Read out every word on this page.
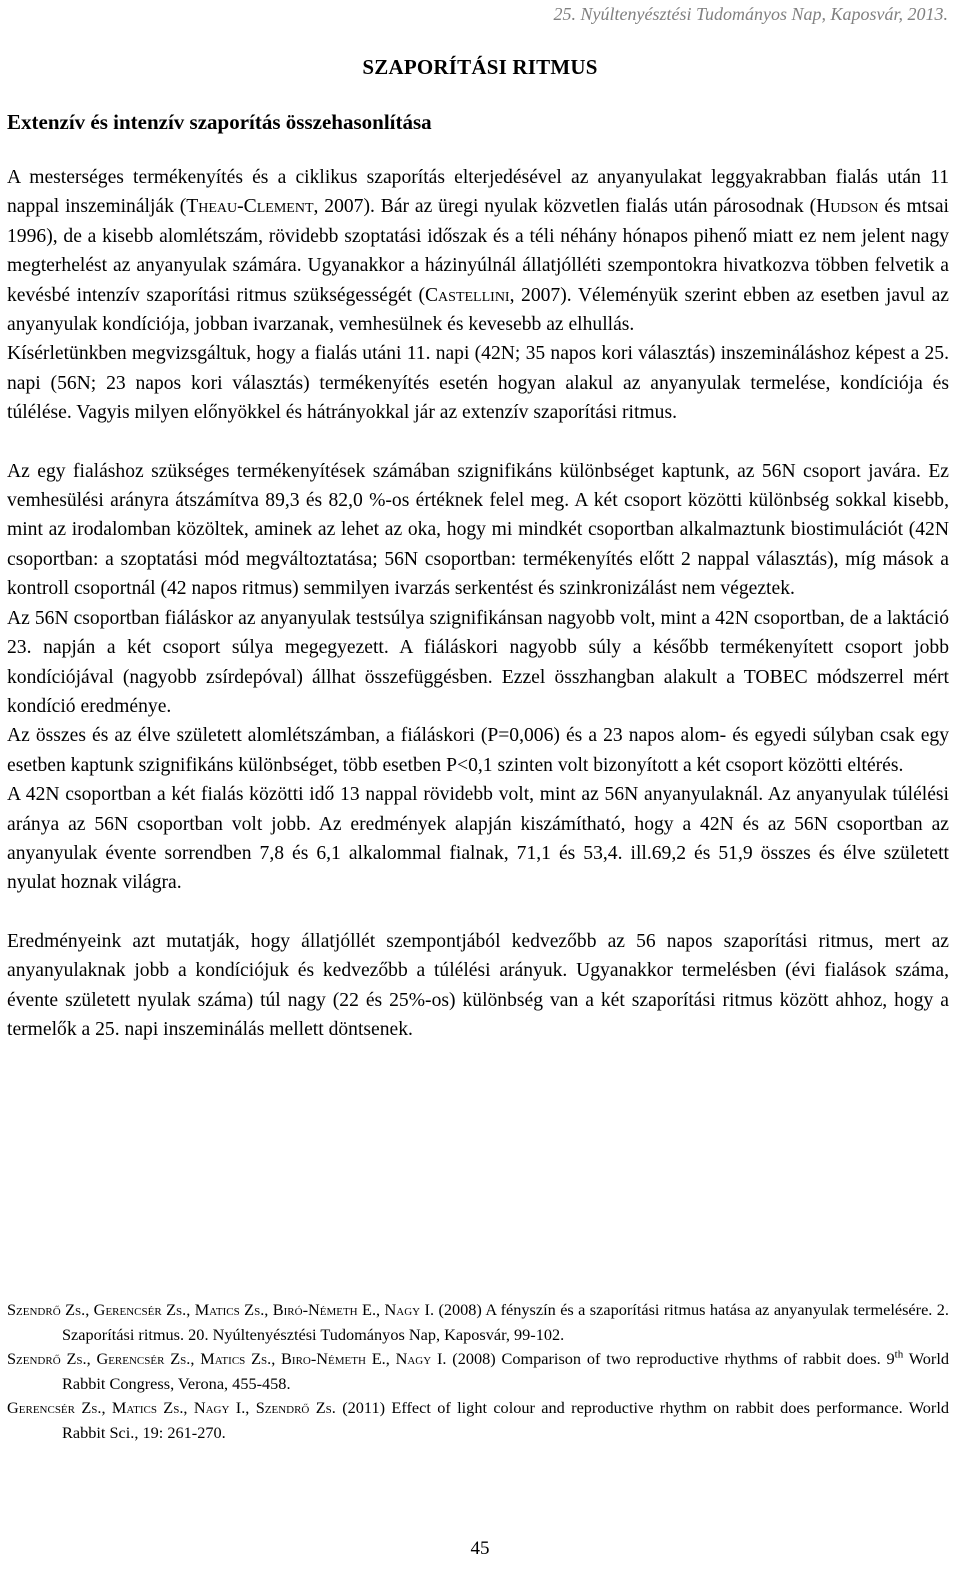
25. Nyúltenyésztési Tudományos Nap, Kaposvár, 2013.
SZAPORÍTÁSI RITMUS
Extenzív és intenzív szaporítás összehasonlítása

A mesterséges termékenyítés és a ciklikus szaporítás elterjedésével az anyanyulakat leggyakrabban fialás után 11 nappal inszeminálják (Theau-Clement, 2007). Bár az üregi nyulak közvetlen fialás után párosodnak (Hudson és mtsai 1996), de a kisebb alomlétszám, rövidebb szoptatási időszak és a téli néhány hónapos pihenő miatt ez nem jelent nagy megterhelést az anyanyulak számára. Ugyanakkor a házinyúlnál állatjólléti szempontokra hivatkozva többen felvetik a kevésbé intenzív szaporítási ritmus szükségességét (Castellini, 2007). Véleményük szerint ebben az esetben javul az anyanyulak kondíciója, jobban ivarzanak, vemhesülnek és kevesebb az elhullás.

Kísérletünkben megvizsgáltuk, hogy a fialás utáni 11. napi (42N; 35 napos kori választás) inszemináláshoz képest a 25. napi (56N; 23 napos kori választás) termékenyítés esetén hogyan alakul az anyanyulak termelése, kondíciója és túlélése. Vagyis milyen előnyökkel és hátrányokkal jár az extenzív szaporítási ritmus.

Az egy fialáshoz szükséges termékenyítések számában szignifikáns különbséget kaptunk, az 56N csoport javára. Ez vemhesülési arányra átszámítva 89,3 és 82,0 %-os értéknek felel meg. A két csoport közötti különbség sokkal kisebb, mint az irodalomban közöltek, aminek az lehet az oka, hogy mi mindkét csoportban alkalmaztunk biostimulációt (42N csoportban: a szoptatási mód megváltoztatása; 56N csoportban: termékenyítés előtt 2 nappal választás), míg mások a kontroll csoportnál (42 napos ritmus) semmilyen ivarzás serkentést és szinkronizálást nem végeztek.

Az 56N csoportban fiáláskor az anyanyulak testsúlya szignifikánsan nagyobb volt, mint a 42N csoportban, de a laktáció 23. napján a két csoport súlya megegyezett. A fiáláskori nagyobb súly a később termékenyített csoport jobb kondíciójával (nagyobb zsírdepóval) állhat összefüggésben. Ezzel összhangban alakult a TOBEC módszerrel mért kondíció eredménye.

Az összes és az élve született alomlétszámban, a fiáláskori (P=0,006) és a 23 napos alom- és egyedi súlyban csak egy esetben kaptunk szignifikáns különbséget, több esetben P<0,1 szinten volt bizonyított a két csoport közötti eltérés.

A 42N csoportban a két fialás közötti idő 13 nappal rövidebb volt, mint az 56N anyanyulaknál. Az anyanyulak túlélési aránya az 56N csoportban volt jobb. Az eredmények alapján kiszámítható, hogy a 42N és az 56N csoportban az anyanyulak évente sorrendben 7,8 és 6,1 alkalommal fialnak, 71,1 és 53,4. ill.69,2 és 51,9 összes és élve született nyulat hoznak világra.

Eredményeink azt mutatják, hogy állatjóllét szempontjából kedvezőbb az 56 napos szaporítási ritmus, mert az anyanyulaknak jobb a kondíciójuk és kedvezőbb a túlélési arányuk. Ugyanakkor termelésben (évi fialások száma, évente született nyulak száma) túl nagy (22 és 25%-os) különbség van a két szaporítási ritmus között ahhoz, hogy a termelők a 25. napi inszeminálás mellett döntsenek.

Szendrő Zs., Gerencsér Zs., Matics Zs., Biró-Németh E., Nagy I. (2008) A fényszín és a szaporítási ritmus hatása az anyanyulak termelésére. 2. Szaporítási ritmus. 20. Nyúltenyésztési Tudományos Nap, Kaposvár, 99-102.

Szendrő Zs., Gerencsér Zs., Matics Zs., Biro-Németh E., Nagy I. (2008) Comparison of two reproductive rhythms of rabbit does. 9th World Rabbit Congress, Verona, 455-458.

Gerencsér Zs., Matics Zs., Nagy I., Szendrő Zs. (2011) Effect of light colour and reproductive rhythm on rabbit does performance. World Rabbit Sci., 19: 261-270.

45
